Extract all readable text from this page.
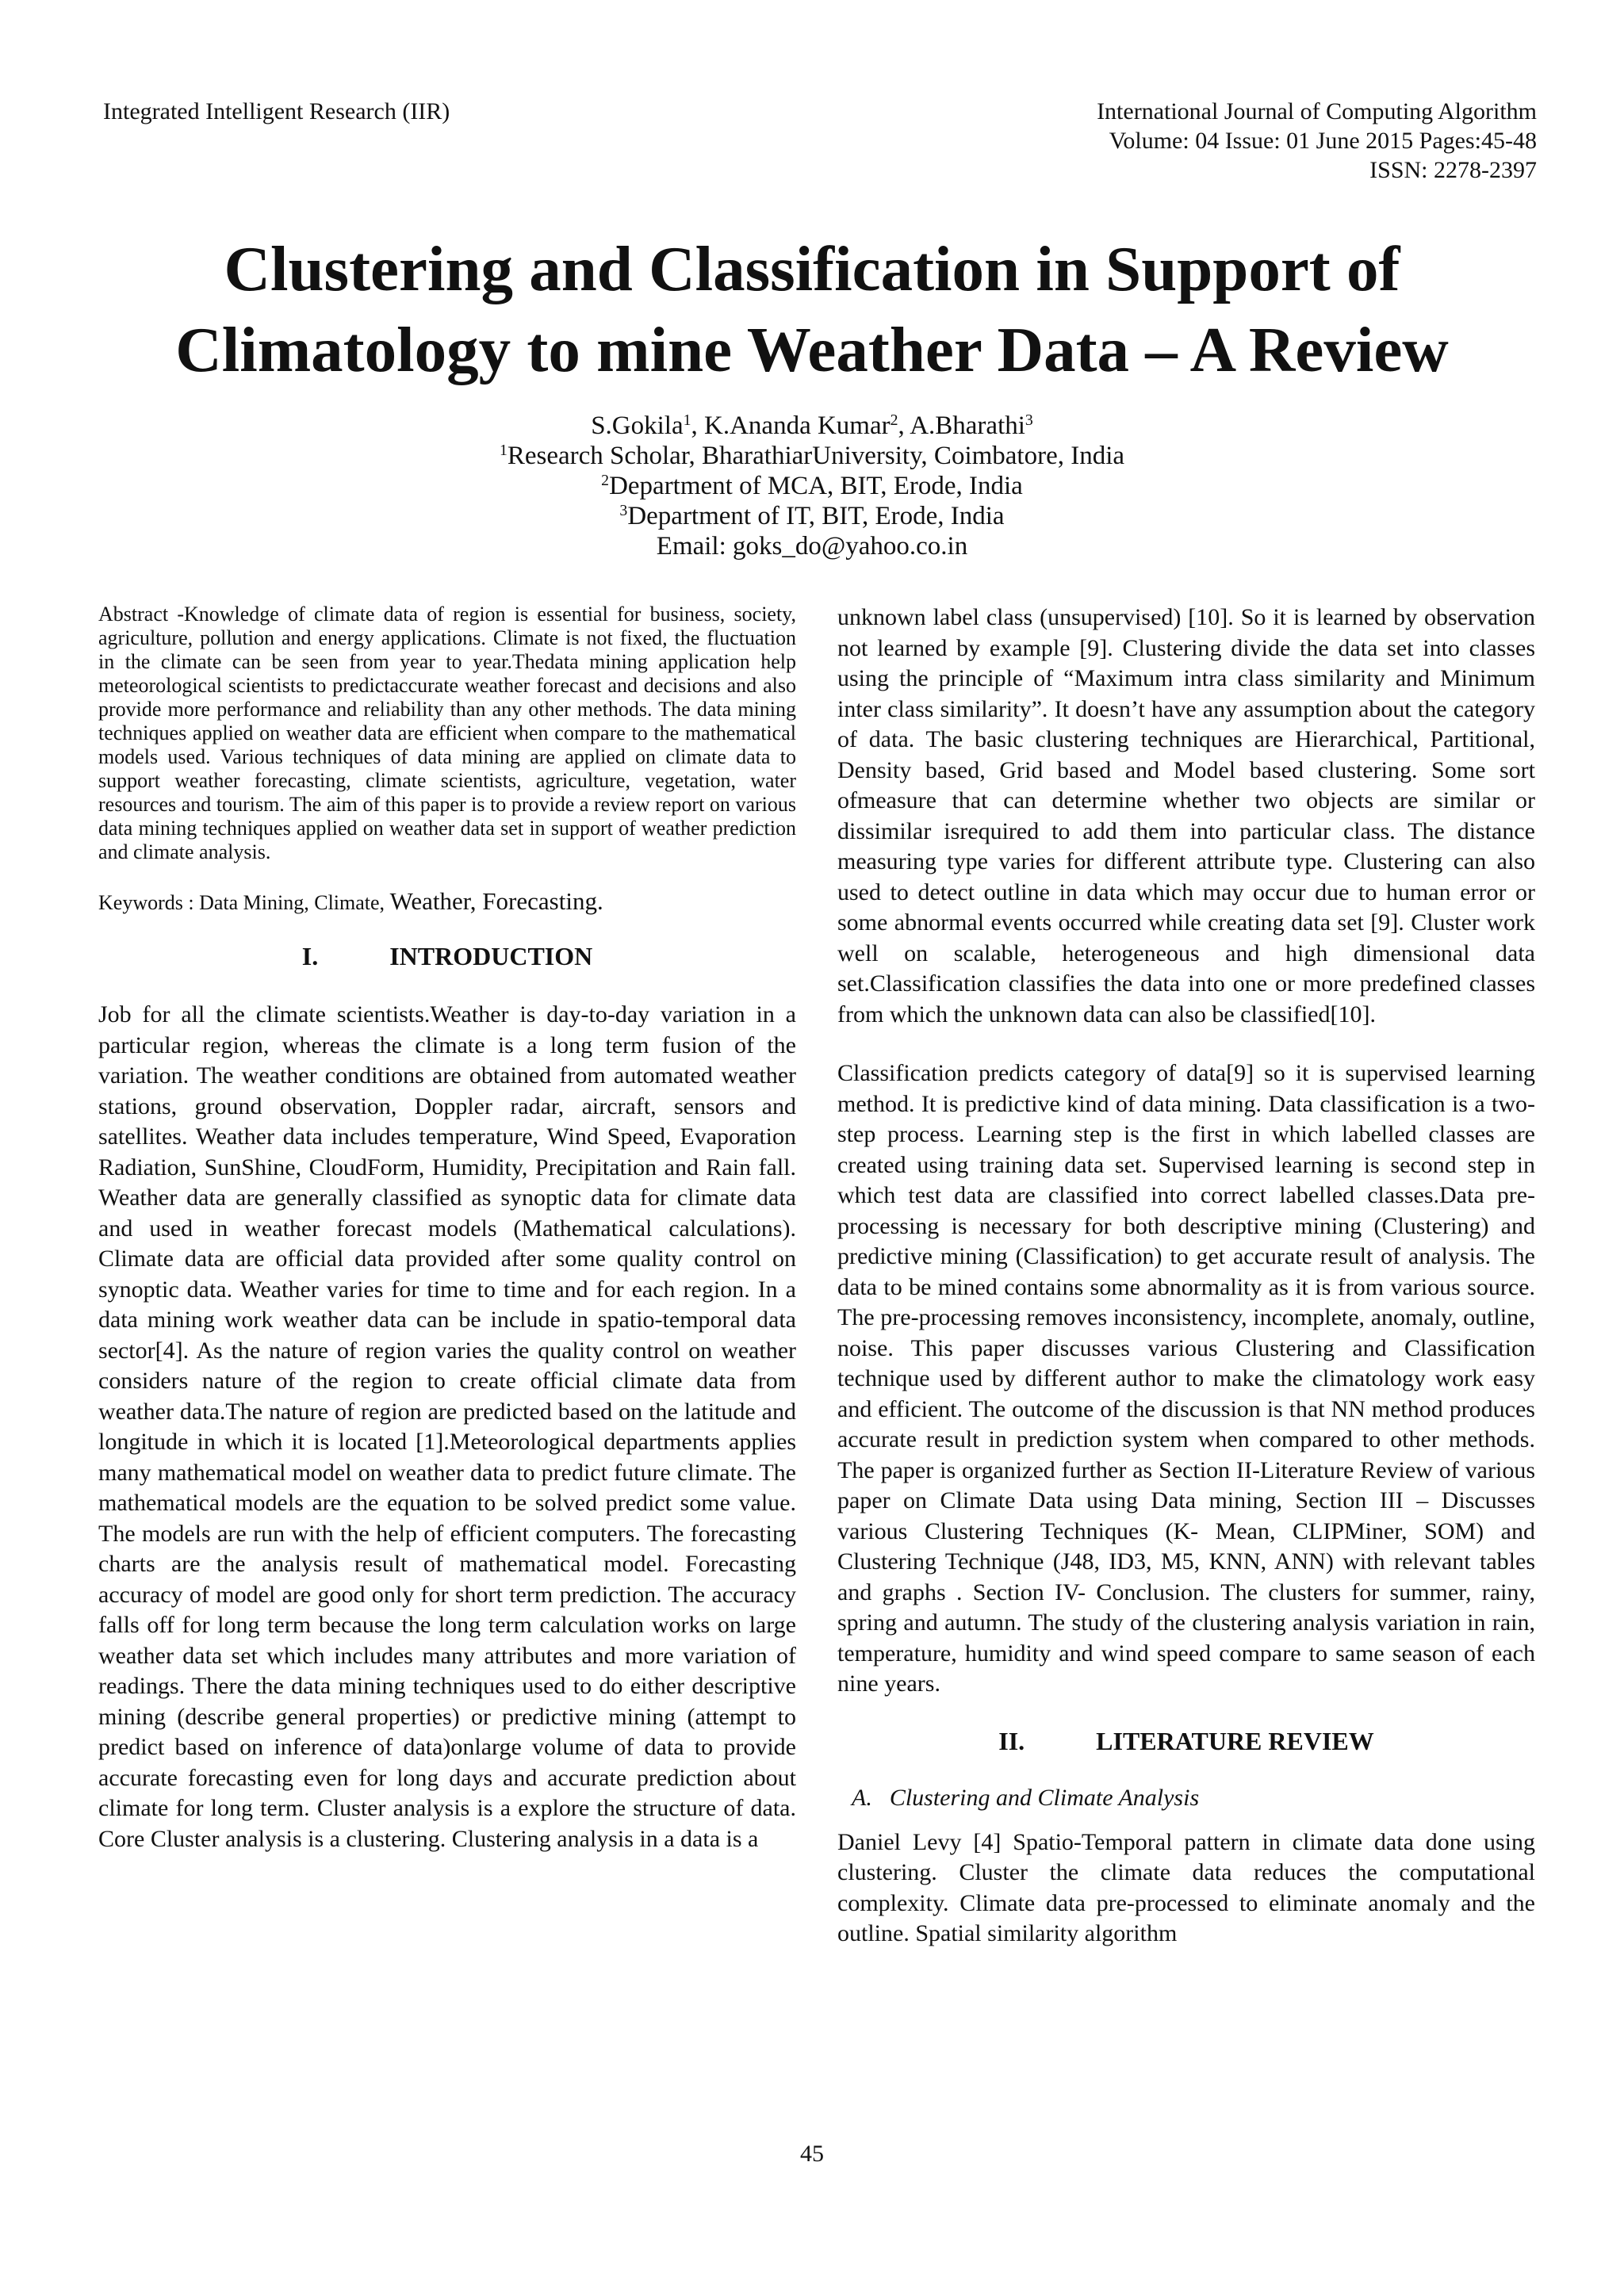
Integrated Intelligent Research (IIR)	International Journal of Computing Algorithm
Volume: 04 Issue: 01 June 2015 Pages:45-48
ISSN: 2278-2397
Clustering and Classification in Support of
Climatology to mine Weather Data – A Review
S.Gokila$^1$, K.Ananda Kumar$^2$, A.Bharathi$^3$
$^1$Research Scholar, BharathiarUniversity, Coimbatore, India
$^2$Department of MCA, BIT, Erode, India
$^3$Department of IT, BIT, Erode, India
Email: goks_do@yahoo.co.in

Abstract -Knowledge of climate data of region is essential for business, society, agriculture, pollution and energy applications. Climate is not fixed, the fluctuation in the climate can be seen from year to year.Thedata mining application help meteorological scientists to predictaccurate weather forecast and decisions and also provide more performance and reliability than any other methods. The data mining techniques applied on weather data are efficient when compare to the mathematical models used. Various techniques of data mining are applied on climate data to support weather forecasting, climate scientists, agriculture, vegetation, water resources and tourism. The aim of this paper is to provide a review report on various data mining techniques applied on weather data set in support of weather prediction and climate analysis.

Keywords : Data Mining, Climate, Weather, Forecasting.

I.	INTRODUCTION

Job for all the climate scientists.Weather is day-to-day variation in a particular region, whereas the climate is a long term fusion of the variation. The weather conditions are obtained from automated weather stations, ground observation, Doppler radar, aircraft, sensors and satellites. Weather data includes temperature, Wind Speed, Evaporation Radiation, SunShine, CloudForm, Humidity, Precipitation and Rain fall. Weather data are generally classified as synoptic data for climate data and used in weather forecast models (Mathematical calculations). Climate data are official data provided after some quality control on synoptic data. Weather varies for time to time and for each region. In a data mining work weather data can be include in spatio-temporal data sector[4]. As the nature of region varies the quality control on weather considers nature of the region to create official climate data from weather data.The nature of region are predicted based on the latitude and longitude in which it is located [1].Meteorological departments applies many mathematical model on weather data to predict future climate. The mathematical models are the equation to be solved predict some value. The models are run with the help of efficient computers. The forecasting charts are the analysis result of mathematical model. Forecasting accuracy of model are good only for short term prediction. The accuracy falls off for long term because the long term calculation works on large weather data set which includes many attributes and more variation of readings. There the data mining techniques used to do either descriptive mining (describe general properties) or predictive mining (attempt to predict based on inference of data)onlarge volume of data to provide accurate forecasting even for long days and accurate prediction about climate for long term. Cluster analysis is a explore the structure of data. Core Cluster analysis is a clustering. Clustering analysis in a data is a

unknown label class (unsupervised) [10]. So it is learned by observation not learned by example [9]. Clustering divide the data set into classes using the principle of “Maximum intra class similarity and Minimum inter class similarity”. It doesn’t have any assumption about the category of data. The basic clustering techniques are Hierarchical, Partitional, Density based, Grid based and Model based clustering. Some sort ofmeasure that can determine whether two objects are similar or dissimilar isrequired to add them into particular class. The distance measuring type varies for different attribute type. Clustering can also used to detect outline in data which may occur due to human error or some abnormal events occurred while creating data set [9]. Cluster work well on scalable, heterogeneous and high dimensional data set.Classification classifies the data into one or more predefined classes from which the unknown data can also be classified[10].

Classification predicts category of data[9] so it is supervised learning method. It is predictive kind of data mining. Data classification is a two-step process. Learning step is the first in which labelled classes are created using training data set. Supervised learning is second step in which test data are classified into correct labelled classes.Data pre-processing is necessary for both descriptive mining (Clustering) and predictive mining (Classification) to get accurate result of analysis. The data to be mined contains some abnormality as it is from various source. The pre-processing removes inconsistency, incomplete, anomaly, outline, noise. This paper discusses various Clustering and Classification technique used by different author to make the climatology work easy and efficient. The outcome of the discussion is that NN method produces accurate result in prediction system when compared to other methods. The paper is organized further as Section II-Literature Review of various paper on Climate Data using Data mining, Section III – Discusses various Clustering Techniques (K- Mean, CLIPMiner, SOM) and Clustering Technique (J48, ID3, M5, KNN, ANN) with relevant tables and graphs . Section IV- Conclusion. The clusters for summer, rainy, spring and autumn. The study of the clustering analysis variation in rain, temperature, humidity and wind speed compare to same season of each nine years.

II.	LITERATURE REVIEW
A. Clustering and Climate Analysis

Daniel Levy [4] Spatio-Temporal pattern in climate data done using clustering. Cluster the climate data reduces the computational complexity. Climate data pre-processed to eliminate anomaly and the outline. Spatial similarity algorithm

45
